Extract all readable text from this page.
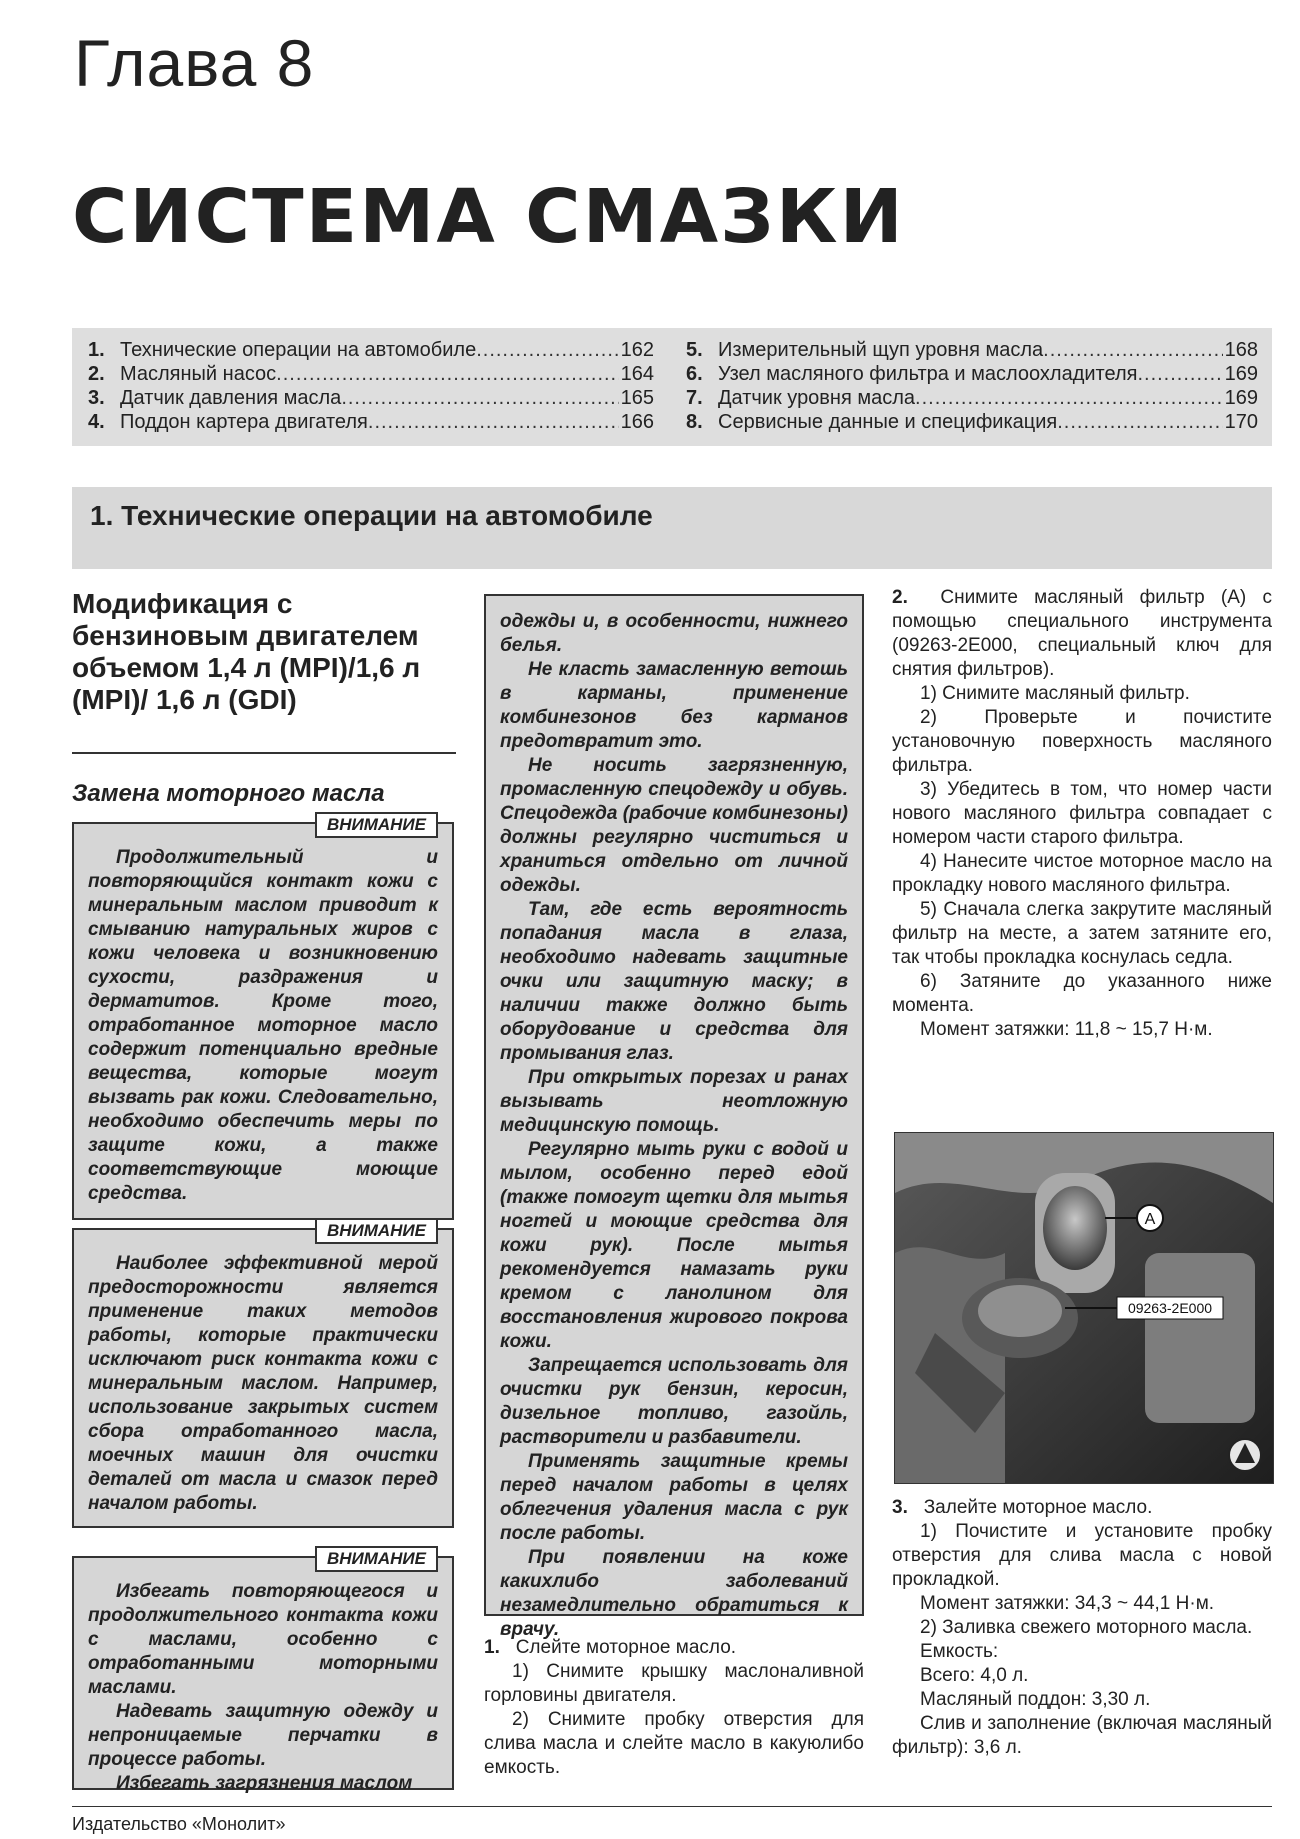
Глава 8
СИСТЕМА СМАЗКИ
1. Технические операции на автомобиле .....	162
2. Масляный насос .....	164
3. Датчик давления масла .....	165
4. Поддон картера двигателя .....	166
5. Измерительный щуп уровня масла .....	168
6. Узел масляного фильтра и маслоохладителя .....	169
7. Датчик уровня масла .....	169
8. Сервисные данные и спецификация .....	170
1. Технические операции на автомобиле
Модификация с бензиновым двигателем объемом 1,4 л (MPI)/1,6 л (MPI)/ 1,6 л (GDI)
Замена моторного масла
ВНИМАНИЕ

Продолжительный и повторяющийся контакт кожи с минеральным маслом приводит к смыванию натуральных жиров с кожи человека и возникновению сухости, раздражения и дерматитов. Кроме того, отработанное моторное масло содержит потенциально вредные вещества, которые могут вызвать рак кожи. Следовательно, необходимо обеспечить меры по защите кожи, а также соответствующие моющие средства.

ВНИМАНИЕ

Наиболее эффективной мерой предосторожности является применение таких методов работы, которые практически исключают риск контакта кожи с минеральным маслом. Например, использование закрытых систем сбора отработанного масла, моечных машин для очистки деталей от масла и смазок перед началом работы.

ВНИМАНИЕ

Избегать повторяющегося и продолжительного контакта кожи с маслами, особенно с отработанными моторными маслами.

Надевать защитную одежду и непроницаемые перчатки в процессе работы.

Избегать загрязнения маслом

одежды и, в особенности, нижнего белья.

Не класть замасленную ветошь в карманы, применение комбинезонов без карманов предотвратит это.

Не носить загрязненную, промасленную спецодежду и обувь. Спецодежда (рабочие комбинезоны) должны регулярно чиститься и храниться отдельно от личной одежды.

Там, где есть вероятность попадания масла в глаза, необходимо надевать защитные очки или защитную маску; в наличии также должно быть оборудование и средства для промывания глаз.

При открытых порезах и ранах вызывать неотложную медицинскую помощь.

Регулярно мыть руки с водой и мылом, особенно перед едой (также помогут щетки для мытья ногтей и моющие средства для кожи рук). После мытья рекомендуется намазать руки кремом с ланолином для восстановления жирового покрова кожи.

Запрещается использовать для очистки рук бензин, керосин, дизельное топливо, газойль, растворители и разбавители.

Применять защитные кремы перед началом работы в целях облегчения удаления масла с рук после работы.

При появлении на коже какихлибо заболеваний незамедлительно обратиться к врачу.

1. Слейте моторное масло.

1) Снимите крышку маслоналивной горловины двигателя.

2) Снимите пробку отверстия для слива масла и слейте масло в какуюлибо емкость.

2. Снимите масляный фильтр (A) с помощью специального инструмента (09263-2E000, специальный ключ для снятия фильтров).

1) Снимите масляный фильтр.

2) Проверьте и почистите установочную поверхность масляного фильтра.

3) Убедитесь в том, что номер части нового масляного фильтра совпадает с номером части старого фильтра.

4) Нанесите чистое моторное масло на прокладку нового масляного фильтра.

5) Сначала слегка закрутите масляный фильтр на месте, а затем затяните его, так чтобы прокладка коснулась седла.

6) Затяните до указанного ниже момента.

Момент затяжки: 11,8 ~ 15,7 Н·м.

A
09263-2E000

3. Залейте моторное масло.

1) Почистите и установите пробку отверстия для слива масла с новой прокладкой.

Момент затяжки: 34,3 ~ 44,1 Н·м.

2) Заливка свежего моторного масла.

Емкость:

Всего: 4,0 л.

Масляный поддон: 3,30 л.

Слив и заполнение (включая масляный фильтр): 3,6 л.

Издательство «Монолит»
